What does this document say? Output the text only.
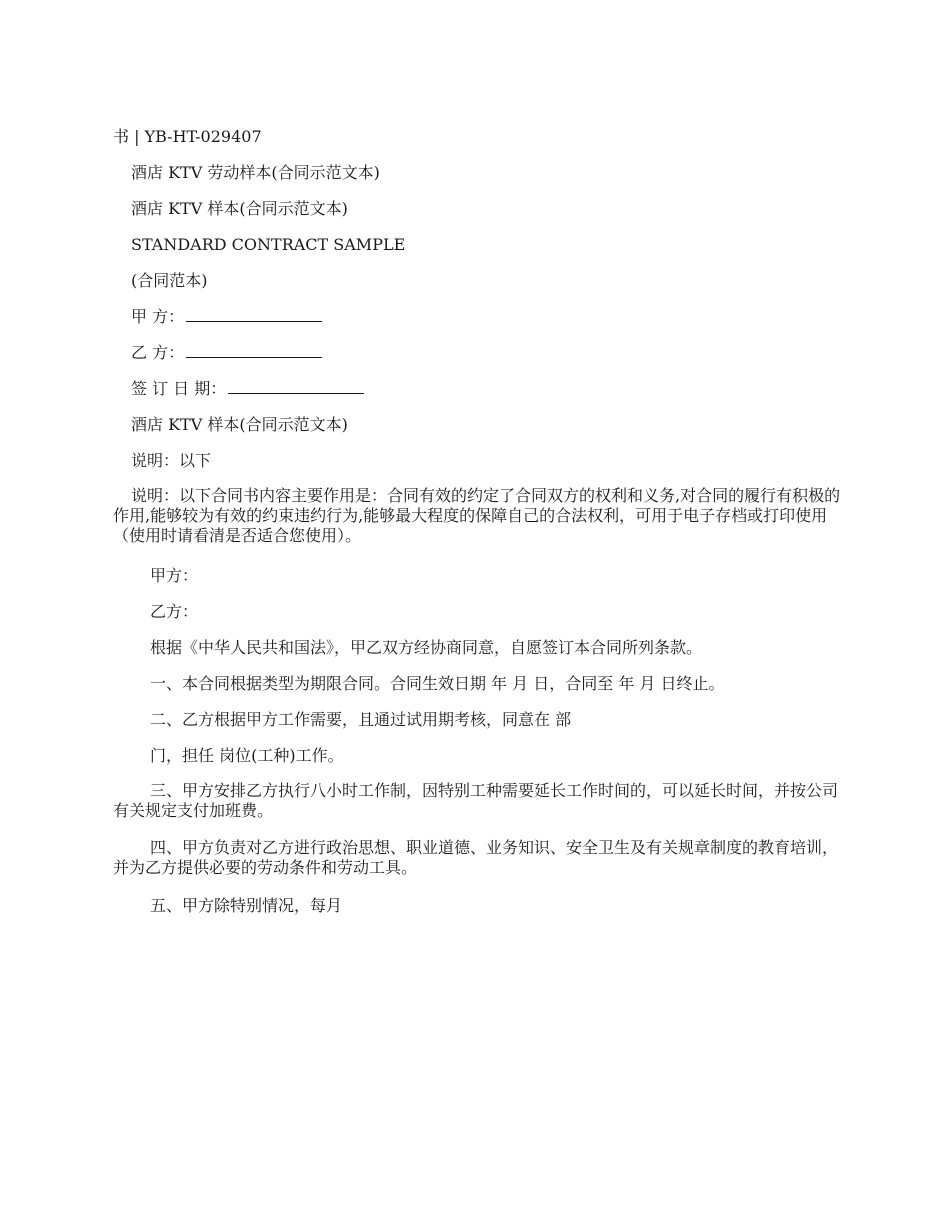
书 | YB-HT-029407
酒店 KTV 劳动样本(合同示范文本)
酒店 KTV 样本(合同示范文本)
STANDARD CONTRACT SAMPLE
(合同范本)
甲 方：
乙 方：
签 订 日 期：
酒店 KTV 样本(合同示范文本)
说明：以下
说明：以下合同书内容主要作用是：合同有效的约定了合同双方的权利和义务,对合同的履行有积极的作用,能够较为有效的约束违约行为,能够最大程度的保障自己的合法权利，可用于电子存档或打印使用（使用时请看清是否适合您使用）。
甲方：
乙方：
根据《中华人民共和国法》，甲乙双方经协商同意，自愿签订本合同所列条款。
一、本合同根据类型为期限合同。合同生效日期 年 月 日，合同至 年 月 日终止。
二、乙方根据甲方工作需要，且通过试用期考核，同意在 部
门，担任 岗位(工种)工作。
三、甲方安排乙方执行八小时工作制，因特别工种需要延长工作时间的，可以延长时间，并按公司有关规定支付加班费。
四、甲方负责对乙方进行政治思想、职业道德、业务知识、安全卫生及有关规章制度的教育培训，并为乙方提供必要的劳动条件和劳动工具。
五、甲方除特别情况，每月
